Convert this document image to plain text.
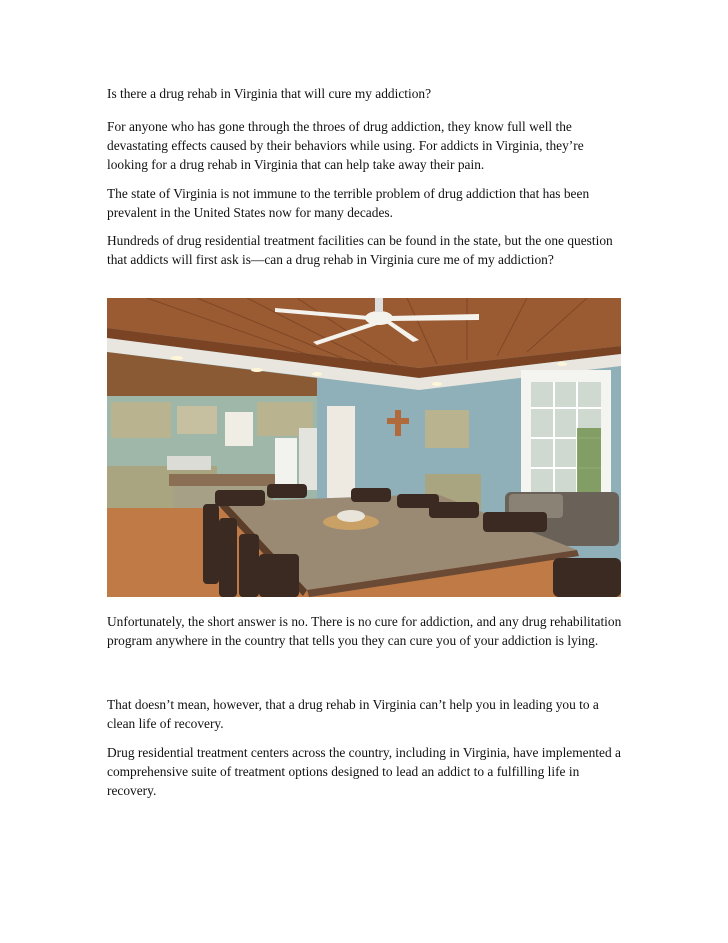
Is there a drug rehab in Virginia that will cure my addiction?

For anyone who has gone through the throes of drug addiction, they know full well the devastating effects caused by their behaviors while using. For addicts in Virginia, they’re looking for a drug rehab in Virginia that can help take away their pain.

The state of Virginia is not immune to the terrible problem of drug addiction that has been prevalent in the United States now for many decades.

Hundreds of drug residential treatment facilities can be found in the state, but the one question that addicts will first ask is—can a drug rehab in Virginia cure me of my addiction?

Unfortunately, the short answer is no. There is no cure for addiction, and any drug rehabilitation program anywhere in the country that tells you they can cure you of your addiction is lying.

That doesn’t mean, however, that a drug rehab in Virginia can’t help you in leading you to a clean life of recovery.

Drug residential treatment centers across the country, including in Virginia, have implemented a comprehensive suite of treatment options designed to lead an addict to a fulfilling life in recovery.
